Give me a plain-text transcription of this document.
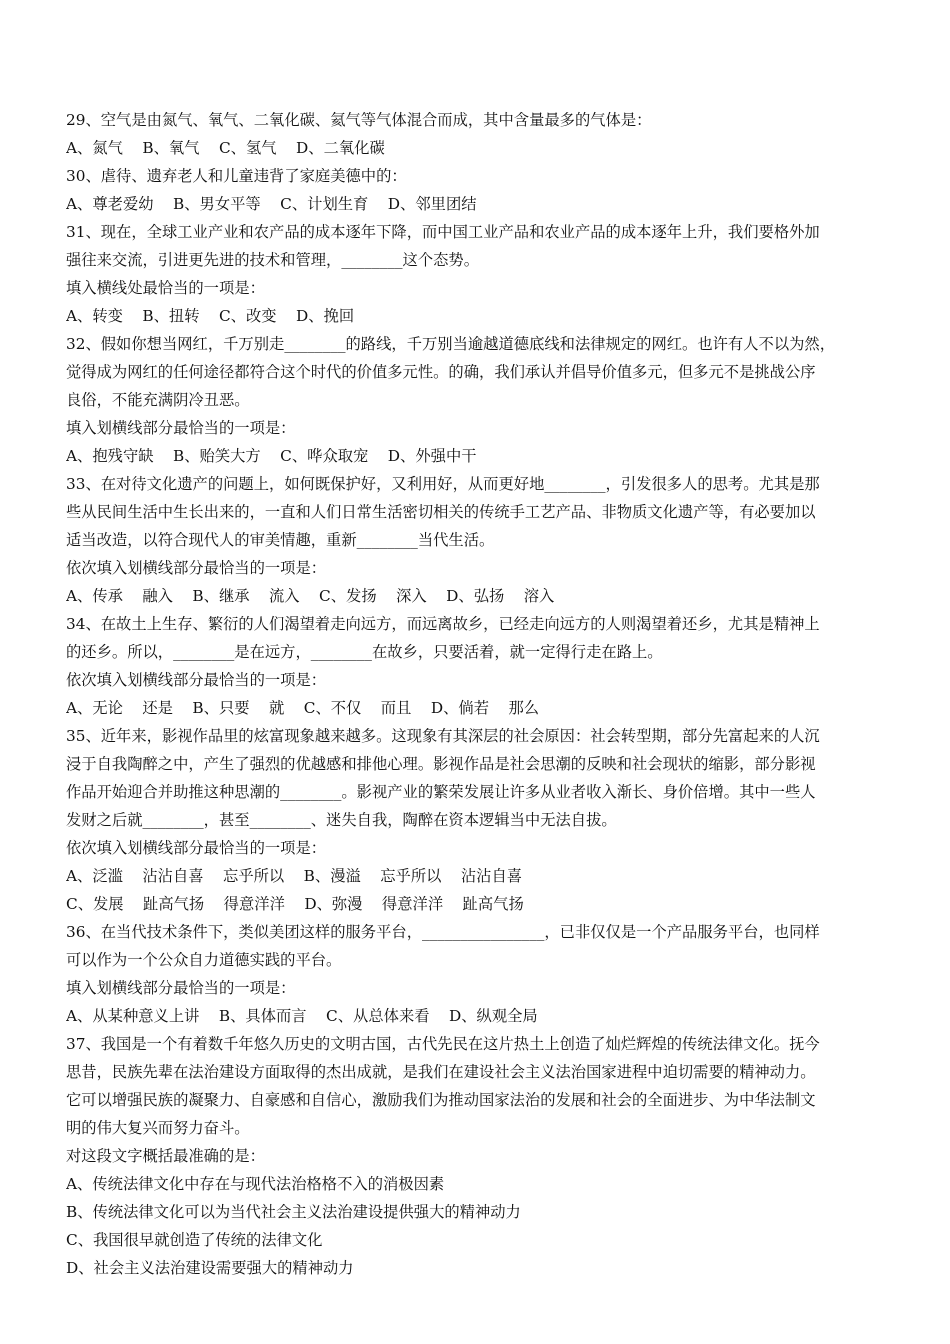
29、空气是由氮气、氧气、二氧化碳、氦气等气体混合而成，其中含量最多的气体是：
A、氮气    B、氧气    C、氢气    D、二氧化碳
30、虐待、遗弃老人和儿童违背了家庭美德中的：
A、尊老爱幼    B、男女平等    C、计划生育    D、邻里团结
31、现在，全球工业产业和农产品的成本逐年下降，而中国工业产品和农业产品的成本逐年上升，我们要格外加
强往来交流，引进更先进的技术和管理，________这个态势。
填入横线处最恰当的一项是：
A、转变    B、扭转    C、改变    D、挽回
32、假如你想当网红，千万别走________的路线，千万别当逾越道德底线和法律规定的网红。也许有人不以为然，
觉得成为网红的任何途径都符合这个时代的价值多元性。的确，我们承认并倡导价值多元，但多元不是挑战公序
良俗，不能充满阴冷丑恶。
填入划横线部分最恰当的一项是：
A、抱残守缺    B、贻笑大方    C、哗众取宠    D、外强中干
33、在对待文化遗产的问题上，如何既保护好，又利用好，从而更好地________，引发很多人的思考。尤其是那
些从民间生活中生长出来的，一直和人们日常生活密切相关的传统手工艺产品、非物质文化遗产等，有必要加以
适当改造，以符合现代人的审美情趣，重新________当代生活。
依次填入划横线部分最恰当的一项是：
A、传承    融入    B、继承    流入    C、发扬    深入    D、弘扬    溶入
34、在故土上生存、繁衍的人们渴望着走向远方，而远离故乡，已经走向远方的人则渴望着还乡，尤其是精神上
的还乡。所以，________是在远方，________在故乡，只要活着，就一定得行走在路上。
依次填入划横线部分最恰当的一项是：
A、无论    还是    B、只要    就    C、不仅    而且    D、倘若    那么
35、近年来，影视作品里的炫富现象越来越多。这现象有其深层的社会原因：社会转型期，部分先富起来的人沉
浸于自我陶醉之中，产生了强烈的优越感和排他心理。影视作品是社会思潮的反映和社会现状的缩影，部分影视
作品开始迎合并助推这种思潮的________。影视产业的繁荣发展让许多从业者收入渐长、身价倍增。其中一些人
发财之后就________，甚至________、迷失自我，陶醉在资本逻辑当中无法自拔。
依次填入划横线部分最恰当的一项是：
A、泛滥    沾沾自喜    忘乎所以    B、漫溢    忘乎所以    沾沾自喜
C、发展    趾高气扬    得意洋洋    D、弥漫    得意洋洋    趾高气扬
36、在当代技术条件下，类似美团这样的服务平台，________________，已非仅仅是一个产品服务平台，也同样
可以作为一个公众自力道德实践的平台。
填入划横线部分最恰当的一项是：
A、从某种意义上讲    B、具体而言    C、从总体来看    D、纵观全局
37、我国是一个有着数千年悠久历史的文明古国，古代先民在这片热土上创造了灿烂辉煌的传统法律文化。抚今
思昔，民族先辈在法治建设方面取得的杰出成就，是我们在建设社会主义法治国家进程中迫切需要的精神动力。
它可以增强民族的凝聚力、自豪感和自信心，激励我们为推动国家法治的发展和社会的全面进步、为中华法制文
明的伟大复兴而努力奋斗。
对这段文字概括最准确的是：
A、传统法律文化中存在与现代法治格格不入的消极因素
B、传统法律文化可以为当代社会主义法治建设提供强大的精神动力
C、我国很早就创造了传统的法律文化
D、社会主义法治建设需要强大的精神动力
